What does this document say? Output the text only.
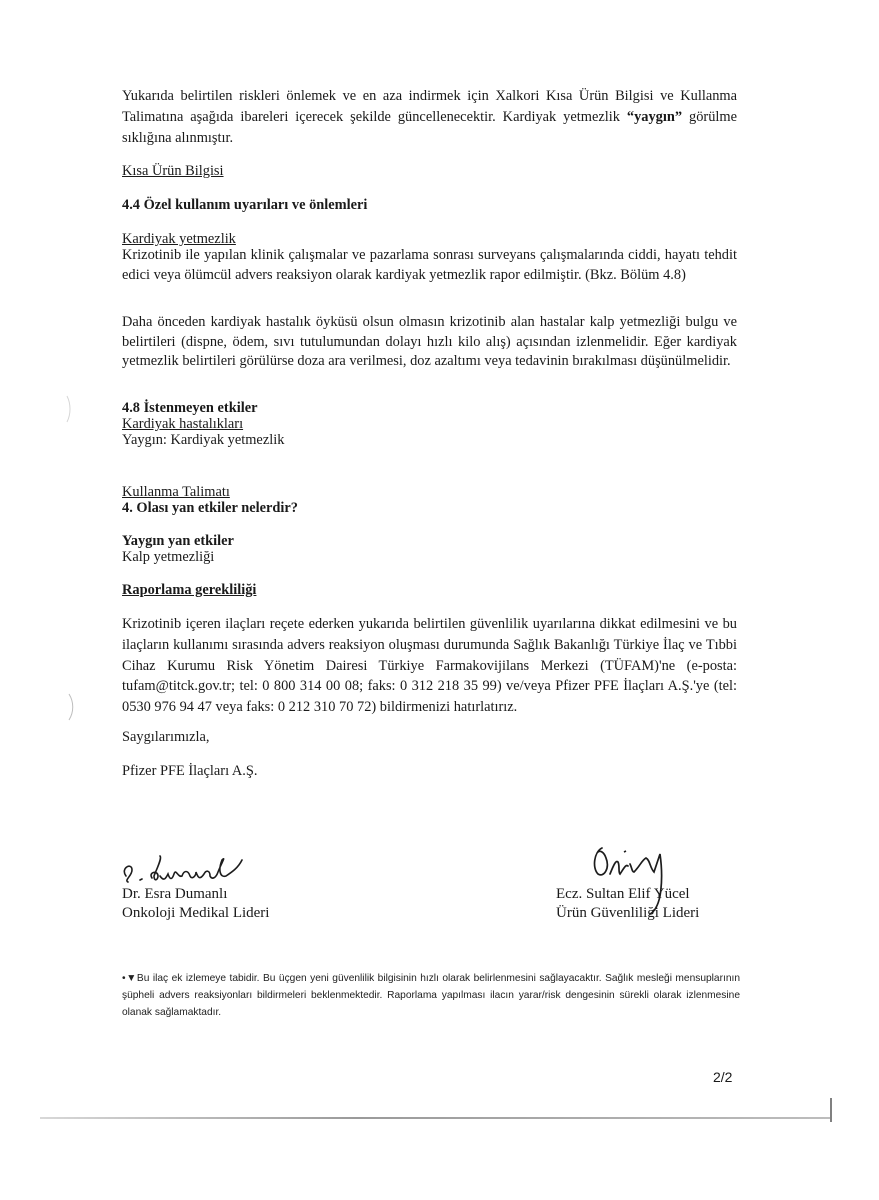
Yukarıda belirtilen riskleri önlemek ve en aza indirmek için Xalkori Kısa Ürün Bilgisi ve Kullanma Talimatına aşağıda ibareleri içerecek şekilde güncellenecektir. Kardiyak yetmezlik “yaygın” görülme sıklığına alınmıştır.

Kısa Ürün Bilgisi
4.4 Özel kullanım uyarıları ve önlemleri
Kardiyak yetmezlik
Krizotinib ile yapılan klinik çalışmalar ve pazarlama sonrası surveyans çalışmalarında ciddi, hayatı tehdit edici veya ölümcül advers reaksiyon olarak kardiyak yetmezlik rapor edilmiştir. (Bkz. Bölüm 4.8)
Daha önceden kardiyak hastalık öyküsü olsun olmasın krizotinib alan hastalar kalp yetmezliği bulgu ve belirtileri (dispne, ödem, sıvı tutulumundan dolayı hızlı kilo alış) açısından izlenmelidir. Eğer kardiyak yetmezlik belirtileri görülürse doza ara verilmesi, doz azaltımı veya tedavinin bırakılması düşünülmelidir.
4.8 İstenmeyen etkiler
Kardiyak hastalıkları
Yaygın: Kardiyak yetmezlik
Kullanma Talimatı
4. Olası yan etkiler nelerdir?
Yaygın yan etkiler
Kalp yetmezliği
Raporlama gerekliliği
Krizotinib içeren ilaçları reçete ederken yukarıda belirtilen güvenlilik uyarılarına dikkat edilmesini ve bu ilaçların kullanımı sırasında advers reaksiyon oluşması durumunda Sağlık Bakanlığı Türkiye İlaç ve Tıbbi Cihaz Kurumu Risk Yönetim Dairesi Türkiye Farmakovijilans Merkezi (TÜFAM)'ne (e-posta: tufam@titck.gov.tr; tel: 0 800 314 00 08; faks: 0 312 218 35 99) ve/veya Pfizer PFE İlaçları A.Ş.'ye (tel: 0530 976 94 47 veya faks: 0 212 310 70 72) bildirmenizi hatırlatırız.
Saygılarımızla,
Pfizer PFE İlaçları A.Ş.
Dr. Esra Dumanlı
Onkoloji Medikal Lideri
Ecz. Sultan Elif Yücel
Ürün Güvenliliği Lideri
•▼Bu ilaç ek izlemeye tabidir. Bu üçgen yeni güvenlilik bilgisinin hızlı olarak belirlenmesini sağlayacaktır. Sağlık mesleği mensuplarının şüpheli advers reaksiyonları bildirmeleri beklenmektedir. Raporlama yapılması ilacın yarar/risk dengesinin sürekli olarak izlenmesine olanak sağlamaktadır.
2/2
